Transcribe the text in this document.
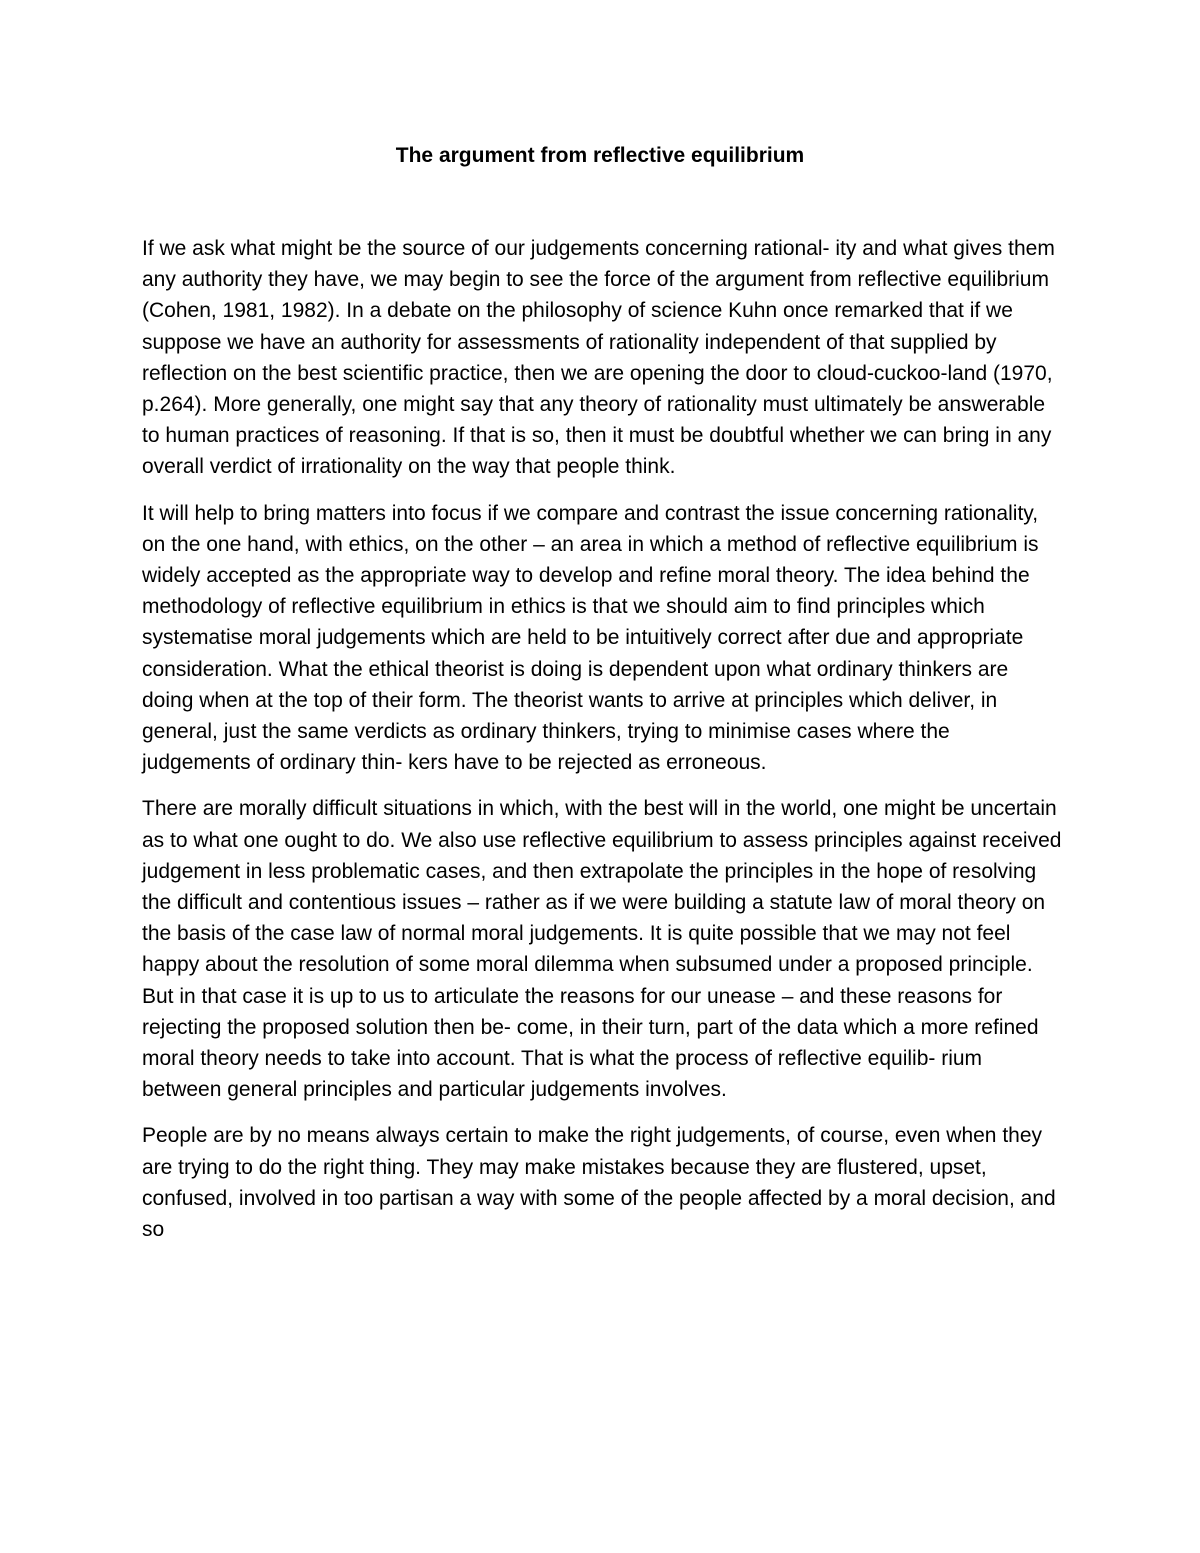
The argument from reflective equilibrium

If we ask what might be the source of our judgements concerning rational- ity and what gives them any authority they have, we may begin to see the force of the argument from reflective equilibrium (Cohen, 1981, 1982). In a debate on the philosophy of science Kuhn once remarked that if we suppose we have an authority for assessments of rationality independent of that supplied by reflection on the best scientific practice, then we are opening the door to cloud-cuckoo-land (1970, p.264). More generally, one might say that any theory of rationality must ultimately be answerable to human practices of reasoning. If that is so, then it must be doubtful whether we can bring in any overall verdict of irrationality on the way that people think.

It will help to bring matters into focus if we compare and contrast the issue concerning rationality, on the one hand, with ethics, on the other – an area in which a method of reflective equilibrium is widely accepted as the appropriate way to develop and refine moral theory. The idea behind the methodology of reflective equilibrium in ethics is that we should aim to find principles which systematise moral judgements which are held to be intuitively correct after due and appropriate consideration. What the ethical theorist is doing is dependent upon what ordinary thinkers are doing when at the top of their form. The theorist wants to arrive at principles which deliver, in general, just the same verdicts as ordinary thinkers, trying to minimise cases where the judgements of ordinary thin- kers have to be rejected as erroneous.

There are morally difficult situations in which, with the best will in the world, one might be uncertain as to what one ought to do. We also use reflective equilibrium to assess principles against received judgement in less problematic cases, and then extrapolate the principles in the hope of resolving the difficult and contentious issues – rather as if we were building a statute law of moral theory on the basis of the case law of normal moral judgements. It is quite possible that we may not feel happy about the resolution of some moral dilemma when subsumed under a proposed principle. But in that case it is up to us to articulate the reasons for our unease – and these reasons for rejecting the proposed solution then be- come, in their turn, part of the data which a more refined moral theory needs to take into account. That is what the process of reflective equilib- rium between general principles and particular judgements involves.

People are by no means always certain to make the right judgements, of course, even when they are trying to do the right thing. They may make mistakes because they are flustered, upset, confused, involved in too partisan a way with some of the people affected by a moral decision, and so
